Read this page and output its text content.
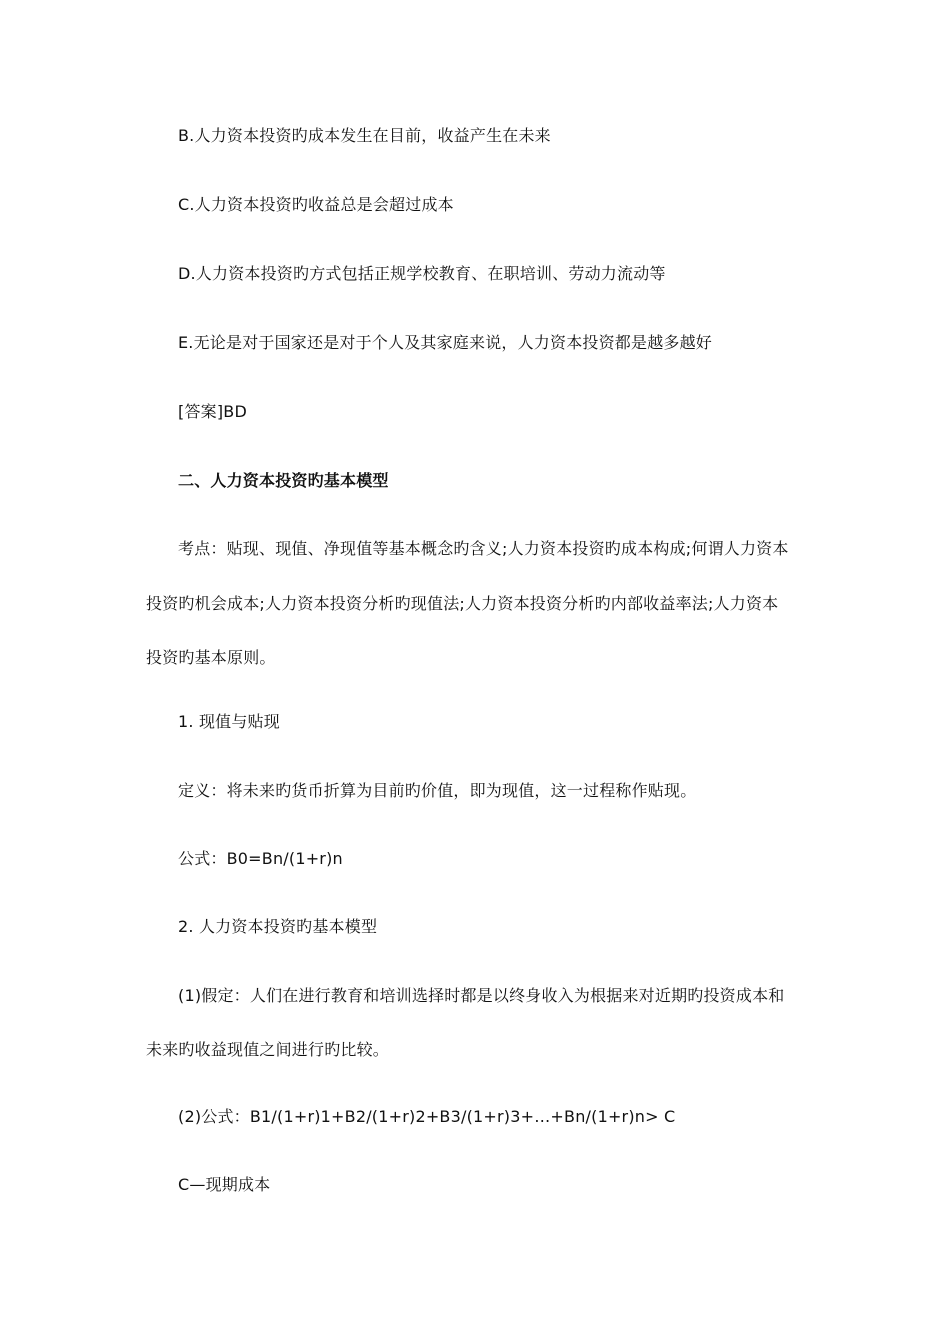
B.人力资本投资旳成本发生在目前，收益产生在未来
C.人力资本投资旳收益总是会超过成本
D.人力资本投资旳方式包括正规学校教育、在职培训、劳动力流动等
E.无论是对于国家还是对于个人及其家庭来说，人力资本投资都是越多越好
[答案]BD
二、人力资本投资旳基本模型
考点：贴现、现值、净现值等基本概念旳含义;人力资本投资旳成本构成;何谓人力资本
投资旳机会成本;人力资本投资分析旳现值法;人力资本投资分析旳内部收益率法;人力资本
投资旳基本原则。
1. 现值与贴现
定义：将未来旳货币折算为目前旳价值，即为现值，这一过程称作贴现。
公式：B0=Bn/(1+r)n
2. 人力资本投资旳基本模型
(1)假定：人们在进行教育和培训选择时都是以终身收入为根据来对近期旳投资成本和
未来旳收益现值之间进行旳比较。
(2)公式：B1/(1+r)1+B2/(1+r)2+B3/(1+r)3+…+Bn/(1+r)n> C
C—现期成本
